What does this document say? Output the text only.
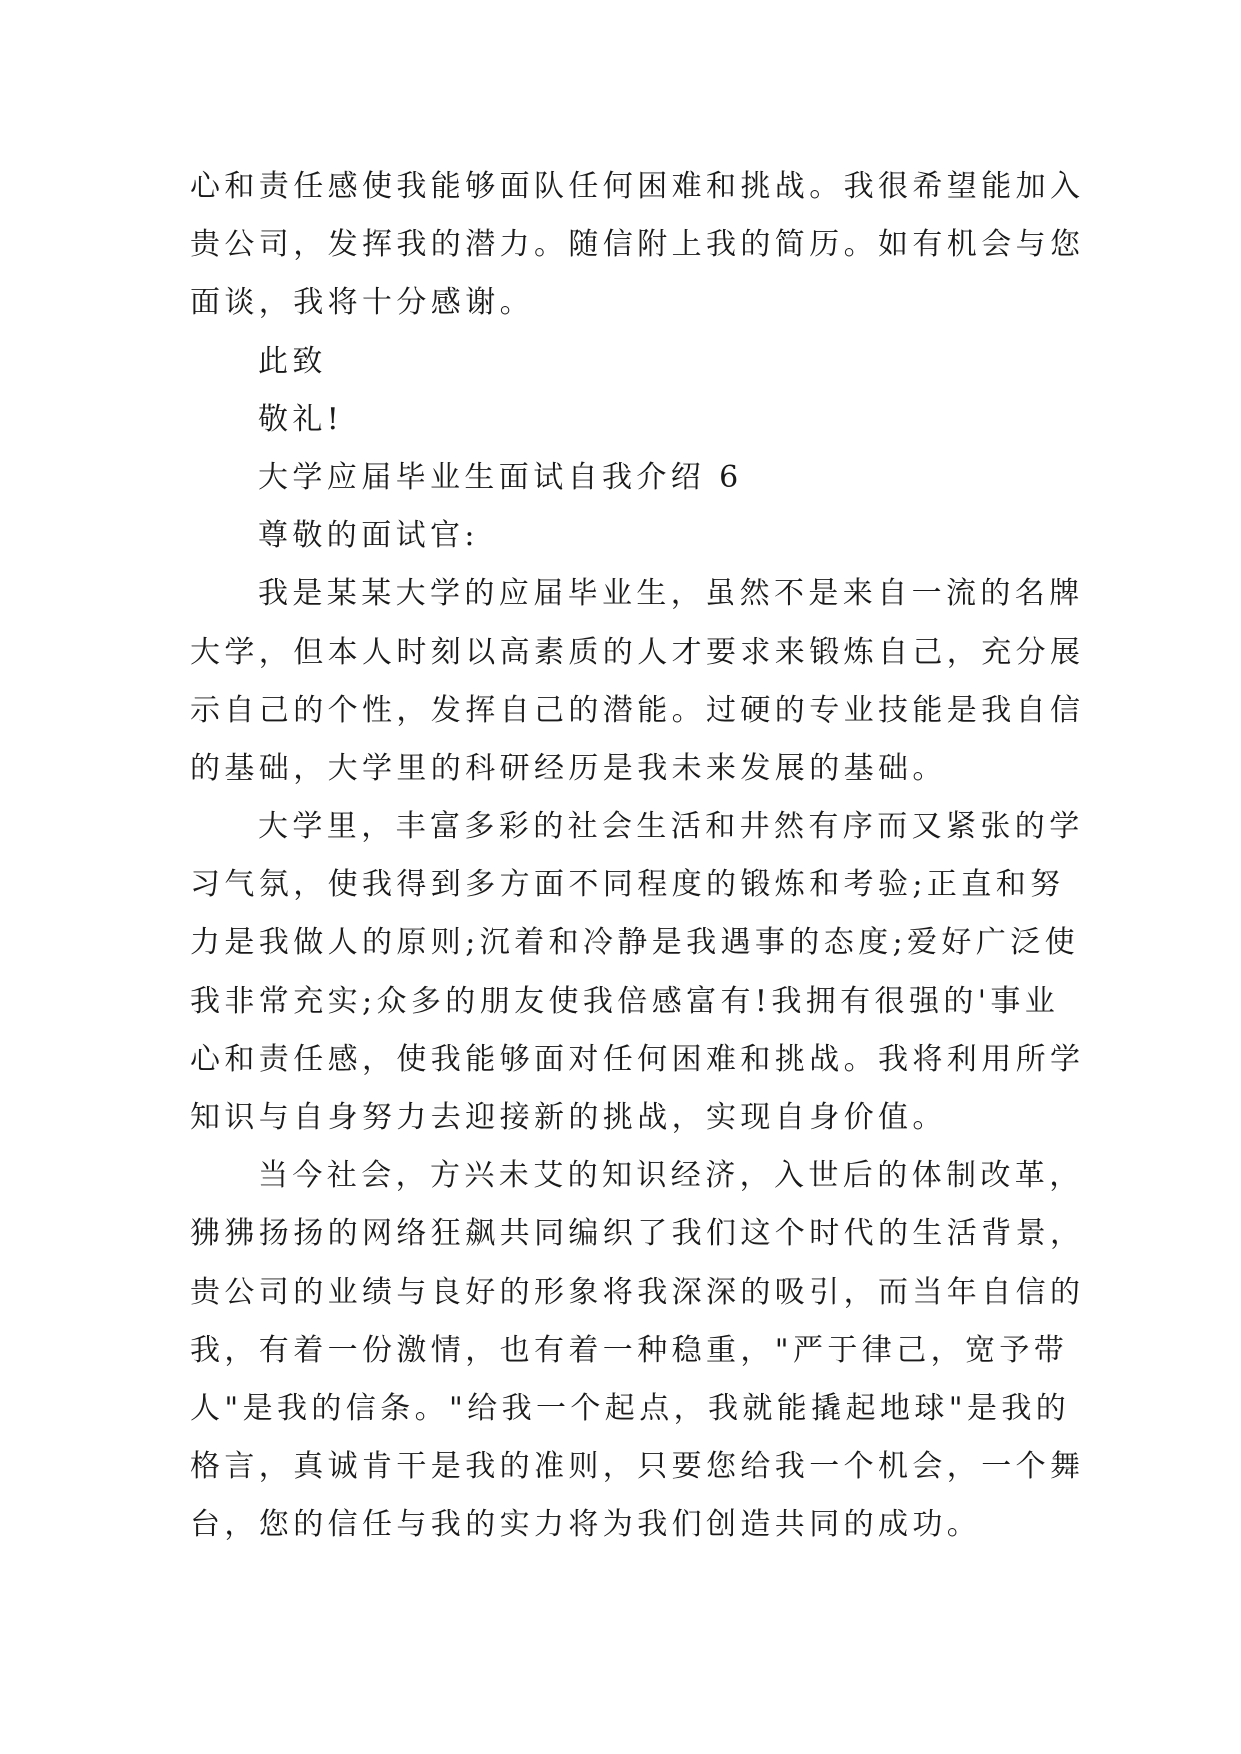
心和责任感使我能够面队任何困难和挑战。我很希望能加入
贵公司，发挥我的潜力。随信附上我的简历。如有机会与您
面谈，我将十分感谢。
此致
敬礼!
大学应届毕业生面试自我介绍 6
尊敬的面试官:
我是某某大学的应届毕业生，虽然不是来自一流的名牌
大学，但本人时刻以高素质的人才要求来锻炼自己，充分展
示自己的个性，发挥自己的潜能。过硬的专业技能是我自信
的基础，大学里的科研经历是我未来发展的基础。
大学里，丰富多彩的社会生活和井然有序而又紧张的学
习气氛，使我得到多方面不同程度的锻炼和考验;正直和努
力是我做人的原则;沉着和冷静是我遇事的态度;爱好广泛使
我非常充实;众多的朋友使我倍感富有!我拥有很强的'事业
心和责任感，使我能够面对任何困难和挑战。我将利用所学
知识与自身努力去迎接新的挑战，实现自身价值。
当今社会，方兴未艾的知识经济，入世后的体制改革，
狒狒扬扬的网络狂飙共同编织了我们这个时代的生活背景，
贵公司的业绩与良好的形象将我深深的吸引，而当年自信的
我，有着一份激情，也有着一种稳重，"严于律己，宽予带
人"是我的信条。"给我一个起点，我就能撬起地球"是我的
格言，真诚肯干是我的准则，只要您给我一个机会，一个舞
台，您的信任与我的实力将为我们创造共同的成功。
